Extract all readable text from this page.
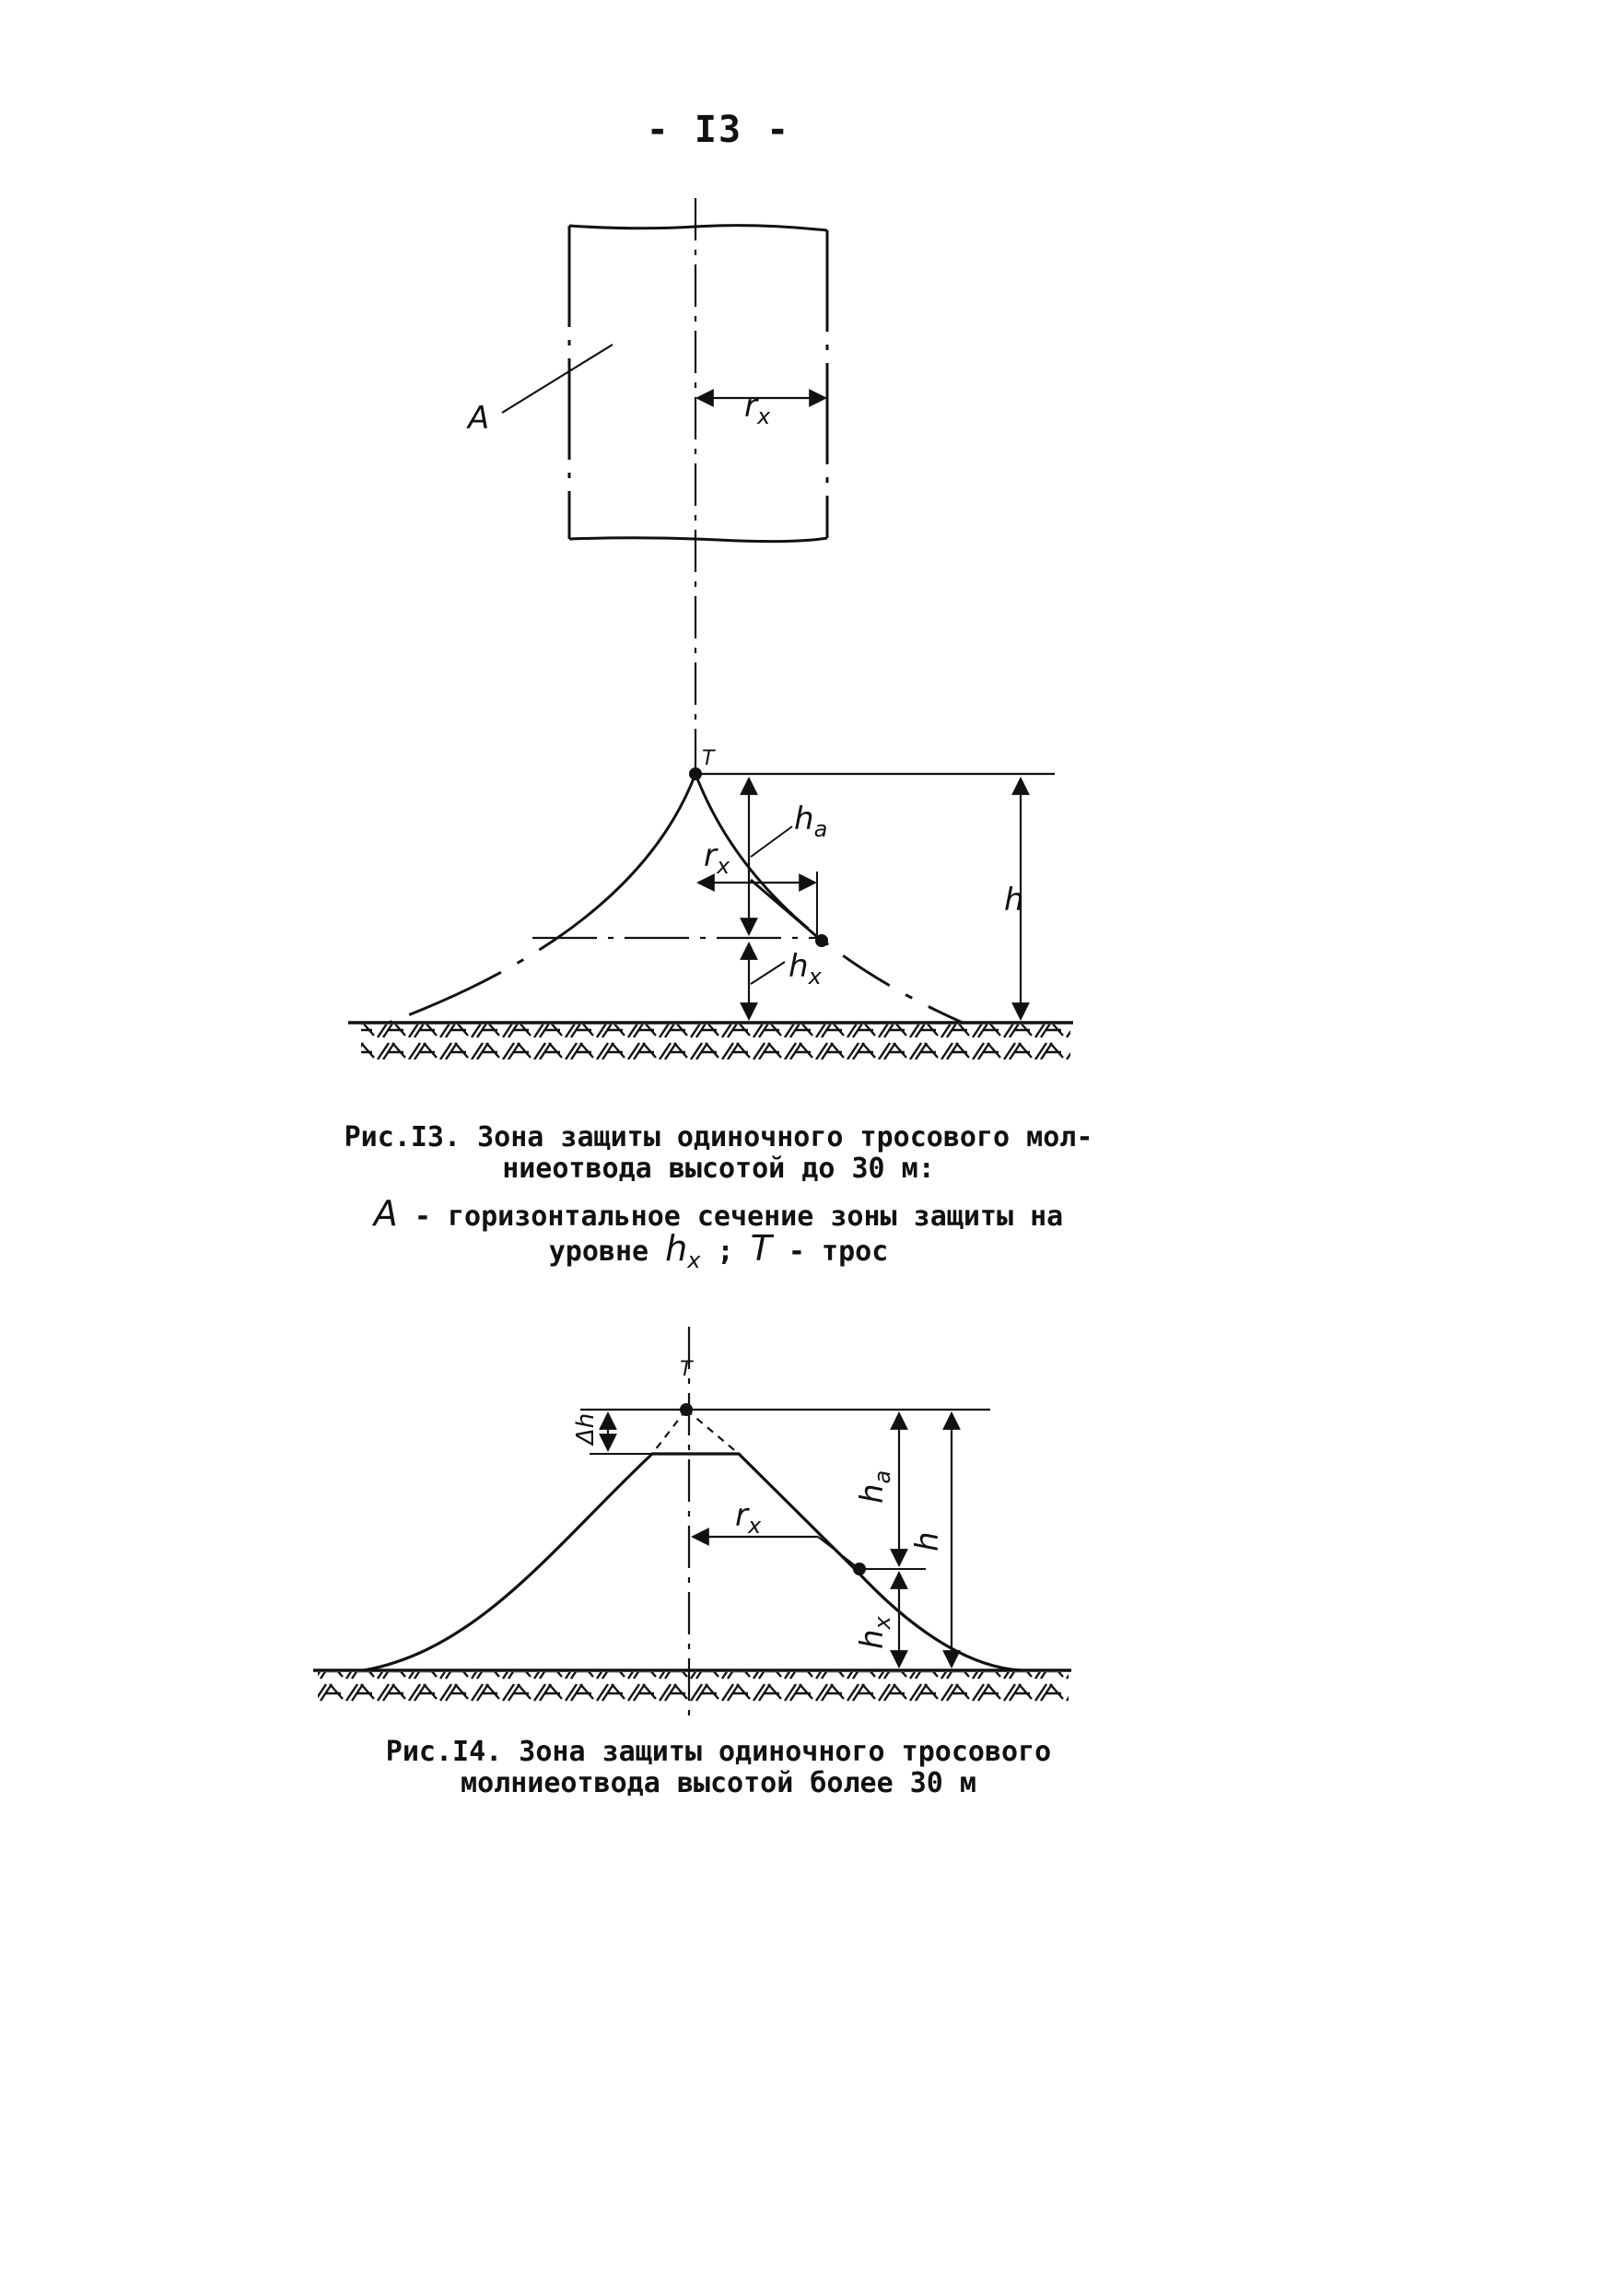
- I3 -
A	$r_x$
T
$h_a$
$r_x$
$h_x$
h
T
Δh
$r_x$
$h_a$
$h_x$
h
Рис.I3. Зона защиты одиночного тросового мол-
ниеотвода высотой до 30 м:
A - горизонтальное сечение зоны защиты на
уровне $h_x$ ; T - трос
Рис.I4. Зона защиты одиночного тросового
молниеотвода высотой более 30 м
